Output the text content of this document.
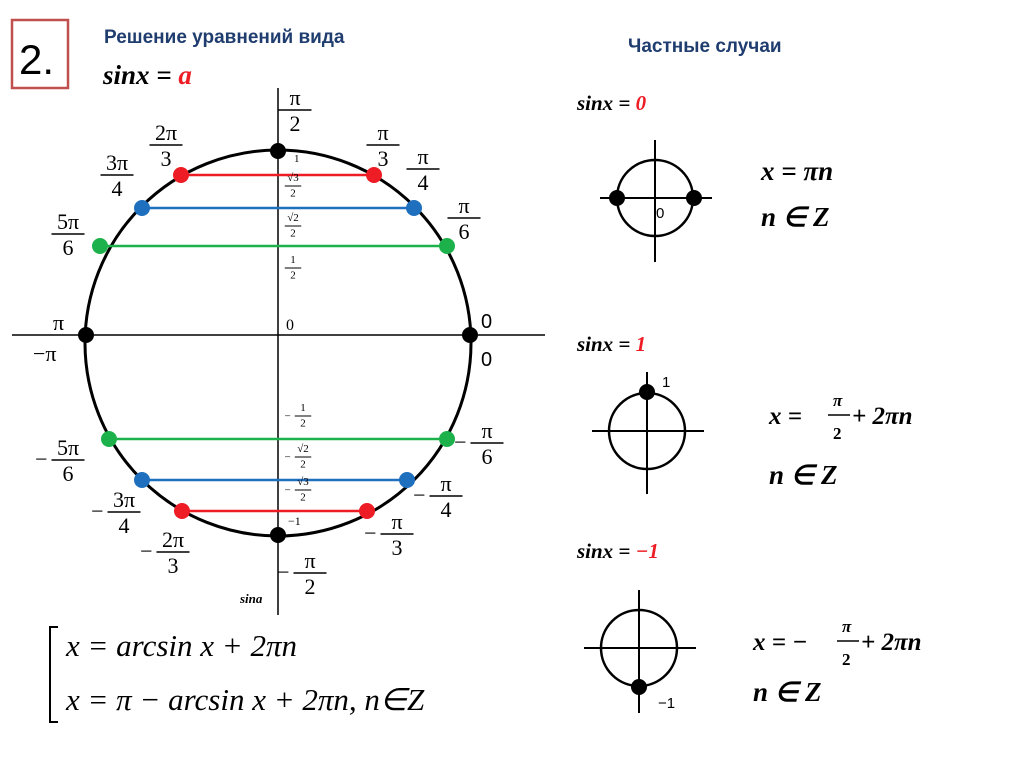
2.	Решение уравнений вида
sinx = a
Частные случаи
π
−π
0
0
sina
π
2
− π
2
2π
3
3π
4
5π
6
π
3 π
4
π
6
− 5π
6
− 3π
4
− 2π
3
− π
6
− π
4
− π
3
1
√3
2
√2
2
1
2
0
−
1
2
−
√2
2
−
√3
2
−1
x = arcsin x + 2πn
x = π − arcsin x + 2πn, n∈Z
sinx = 0
0
x = πn
n ∈ Z
sinx = 1
1
x =
π
2
+ 2πn
n ∈ Z
sinx = −1
−1
x = −
π
2
+ 2πn
n ∈ Z
